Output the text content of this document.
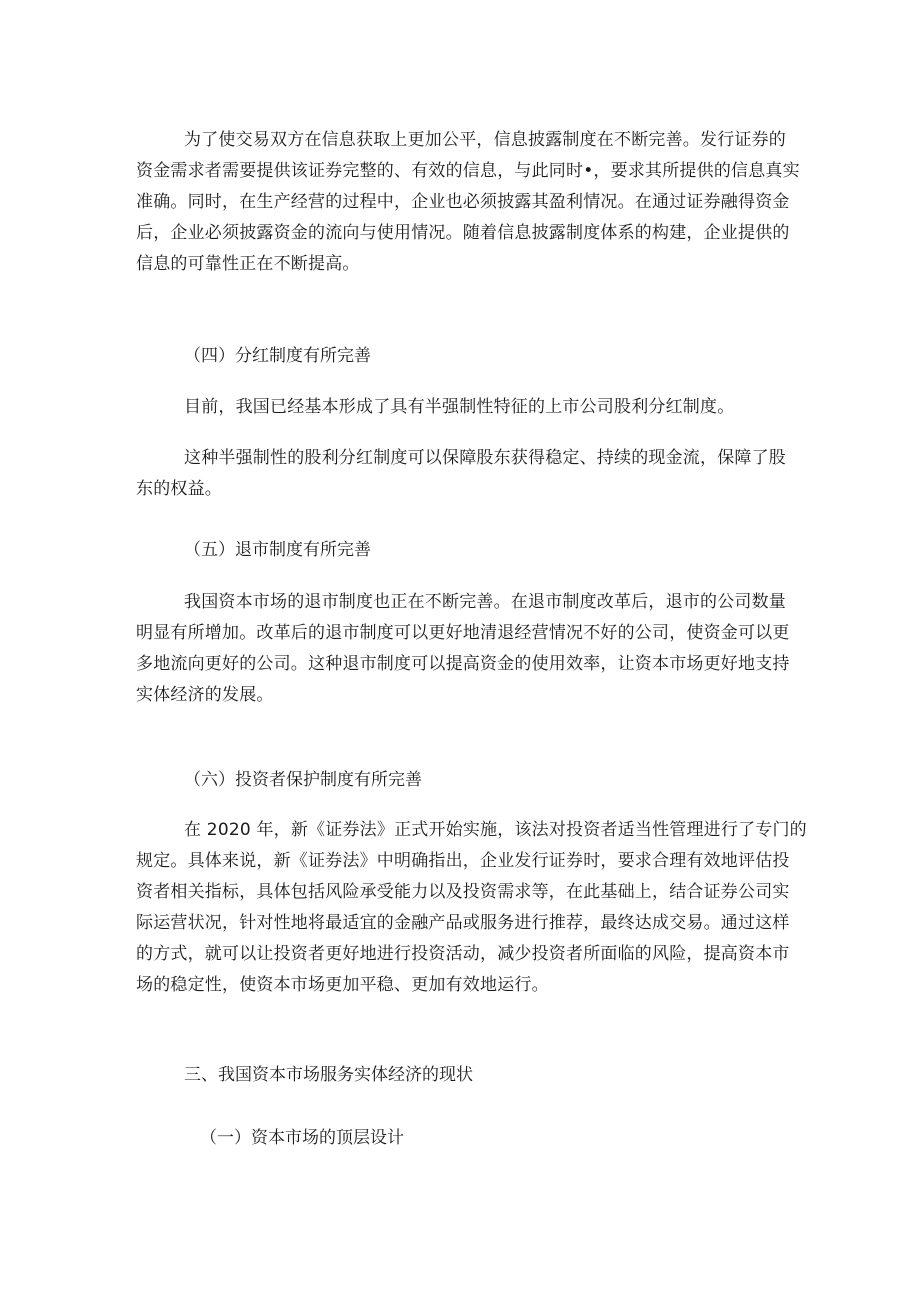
为了使交易双方在信息获取上更加公平，信息披露制度在不断完善。发行证券的
资金需求者需要提供该证券完整的、有效的信息，与此同时•，要求其所提供的信息真实
准确。同时，在生产经营的过程中，企业也必须披露其盈利情况。在通过证券融得资金
后，企业必须披露资金的流向与使用情况。随着信息披露制度体系的构建，企业提供的
信息的可靠性正在不断提高。

（四）分红制度有所完善

目前，我国已经基本形成了具有半强制性特征的上市公司股利分红制度。
这种半强制性的股利分红制度可以保障股东获得稳定、持续的现金流，保障了股
东的权益。

（五）退市制度有所完善

我国资本市场的退市制度也正在不断完善。在退市制度改革后，退市的公司数量
明显有所增加。改革后的退市制度可以更好地清退经营情况不好的公司，使资金可以更
多地流向更好的公司。这种退市制度可以提高资金的使用效率，让资本市场更好地支持
实体经济的发展。

（六）投资者保护制度有所完善

在 2020 年，新《证券法》正式开始实施，该法对投资者适当性管理进行了专门的
规定。具体来说，新《证券法》中明确指出，企业发行证券时，要求合理有效地评估投
资者相关指标，具体包括风险承受能力以及投资需求等，在此基础上，结合证券公司实
际运营状况，针对性地将最适宜的金融产品或服务进行推荐，最终达成交易。通过这样
的方式，就可以让投资者更好地进行投资活动，减少投资者所面临的风险，提高资本市
场的稳定性，使资本市场更加平稳、更加有效地运行。

三、我国资本市场服务实体经济的现状

（一）资本市场的顶层设计
